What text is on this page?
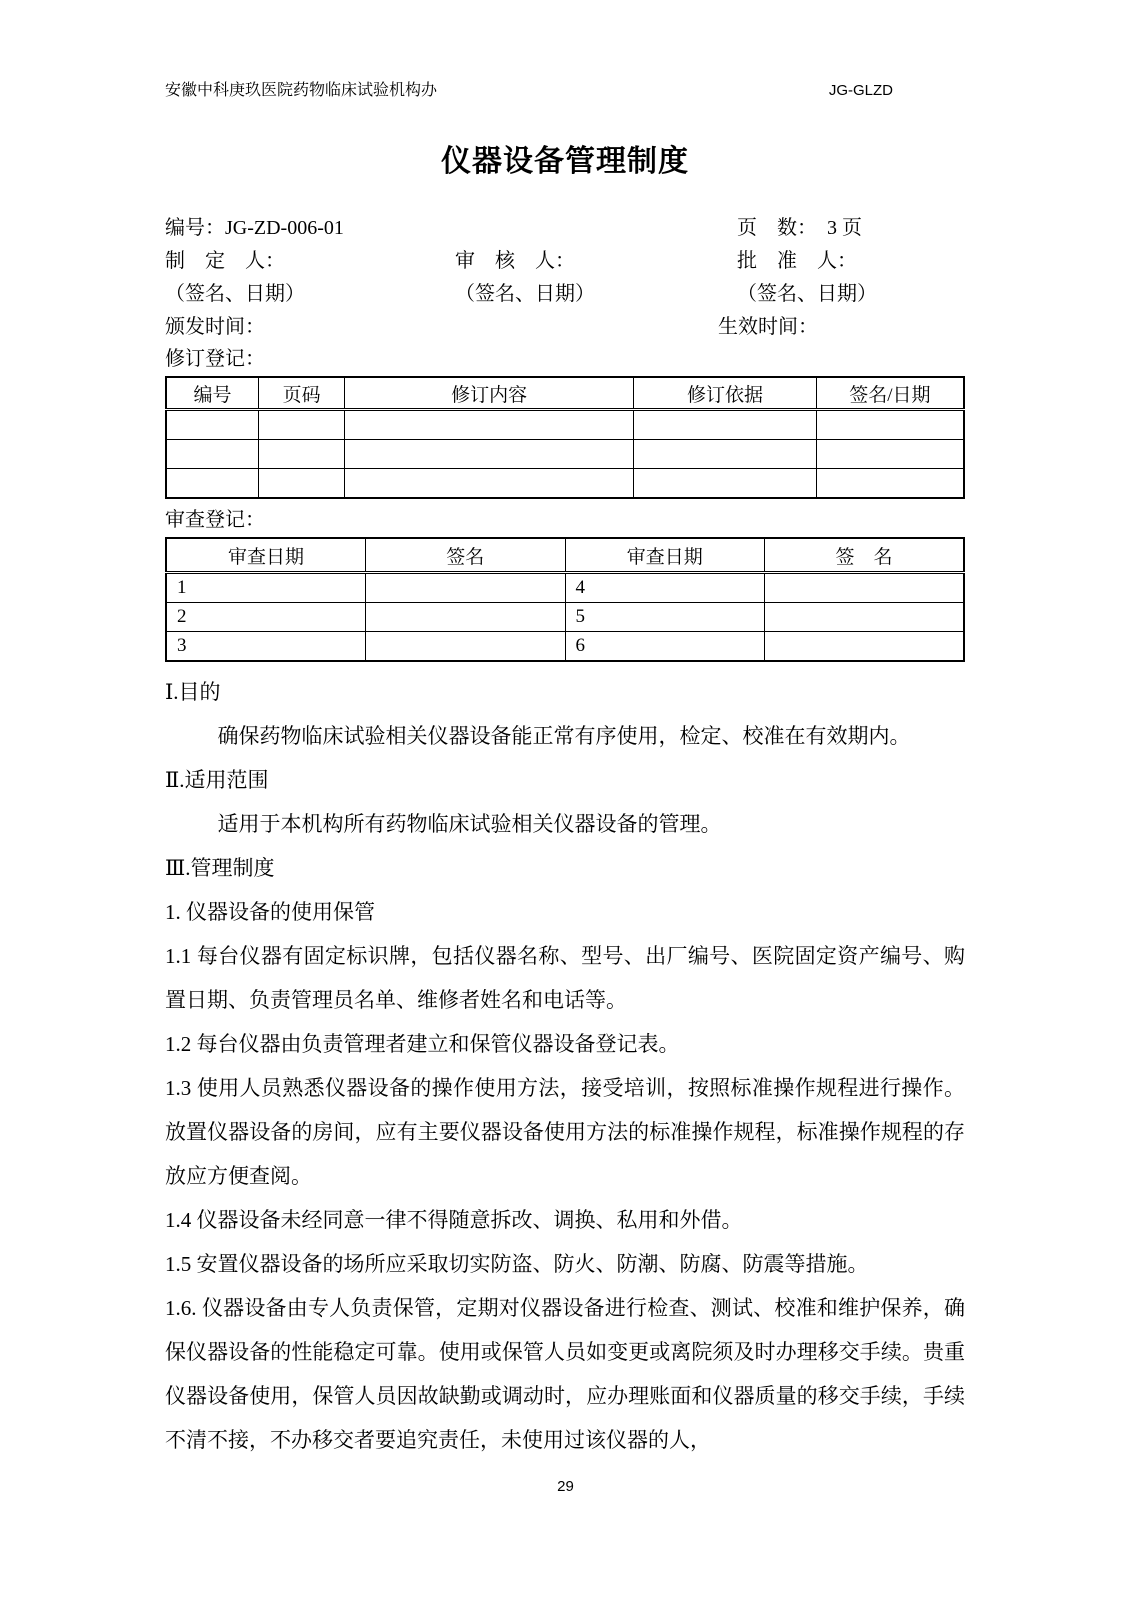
安徽中科庚玖医院药物临床试验机构办	JG-GLZD
仪器设备管理制度
编号：JG-ZD-006-01	页　数：　3 页
制　定　人：	审　核　人：	批　准　人：
（签名、日期）	（签名、日期）	（签名、日期）
颁发时间：	生效时间：
修订登记：
编号	页码	修订内容	修订依据	签名/日期

审查登记：
审查日期	签名	审查日期	签　名
1		4	
2		5	
3		6	

Ⅰ.目的

确保药物临床试验相关仪器设备能正常有序使用，检定、校准在有效期内。

Ⅱ.适用范围

适用于本机构所有药物临床试验相关仪器设备的管理。

Ⅲ.管理制度

1. 仪器设备的使用保管

1.1 每台仪器有固定标识牌，包括仪器名称、型号、出厂编号、医院固定资产编号、购置日期、负责管理员名单、维修者姓名和电话等。

1.2 每台仪器由负责管理者建立和保管仪器设备登记表。

1.3 使用人员熟悉仪器设备的操作使用方法，接受培训，按照标准操作规程进行操作。放置仪器设备的房间，应有主要仪器设备使用方法的标准操作规程，标准操作规程的存放应方便查阅。

1.4 仪器设备未经同意一律不得随意拆改、调换、私用和外借。

1.5 安置仪器设备的场所应采取切实防盗、防火、防潮、防腐、防震等措施。

1.6. 仪器设备由专人负责保管，定期对仪器设备进行检查、测试、校准和维护保养，确保仪器设备的性能稳定可靠。使用或保管人员如变更或离院须及时办理移交手续。贵重仪器设备使用，保管人员因故缺勤或调动时，应办理账面和仪器质量的移交手续，手续不清不接，不办移交者要追究责任，未使用过该仪器的人，

29
